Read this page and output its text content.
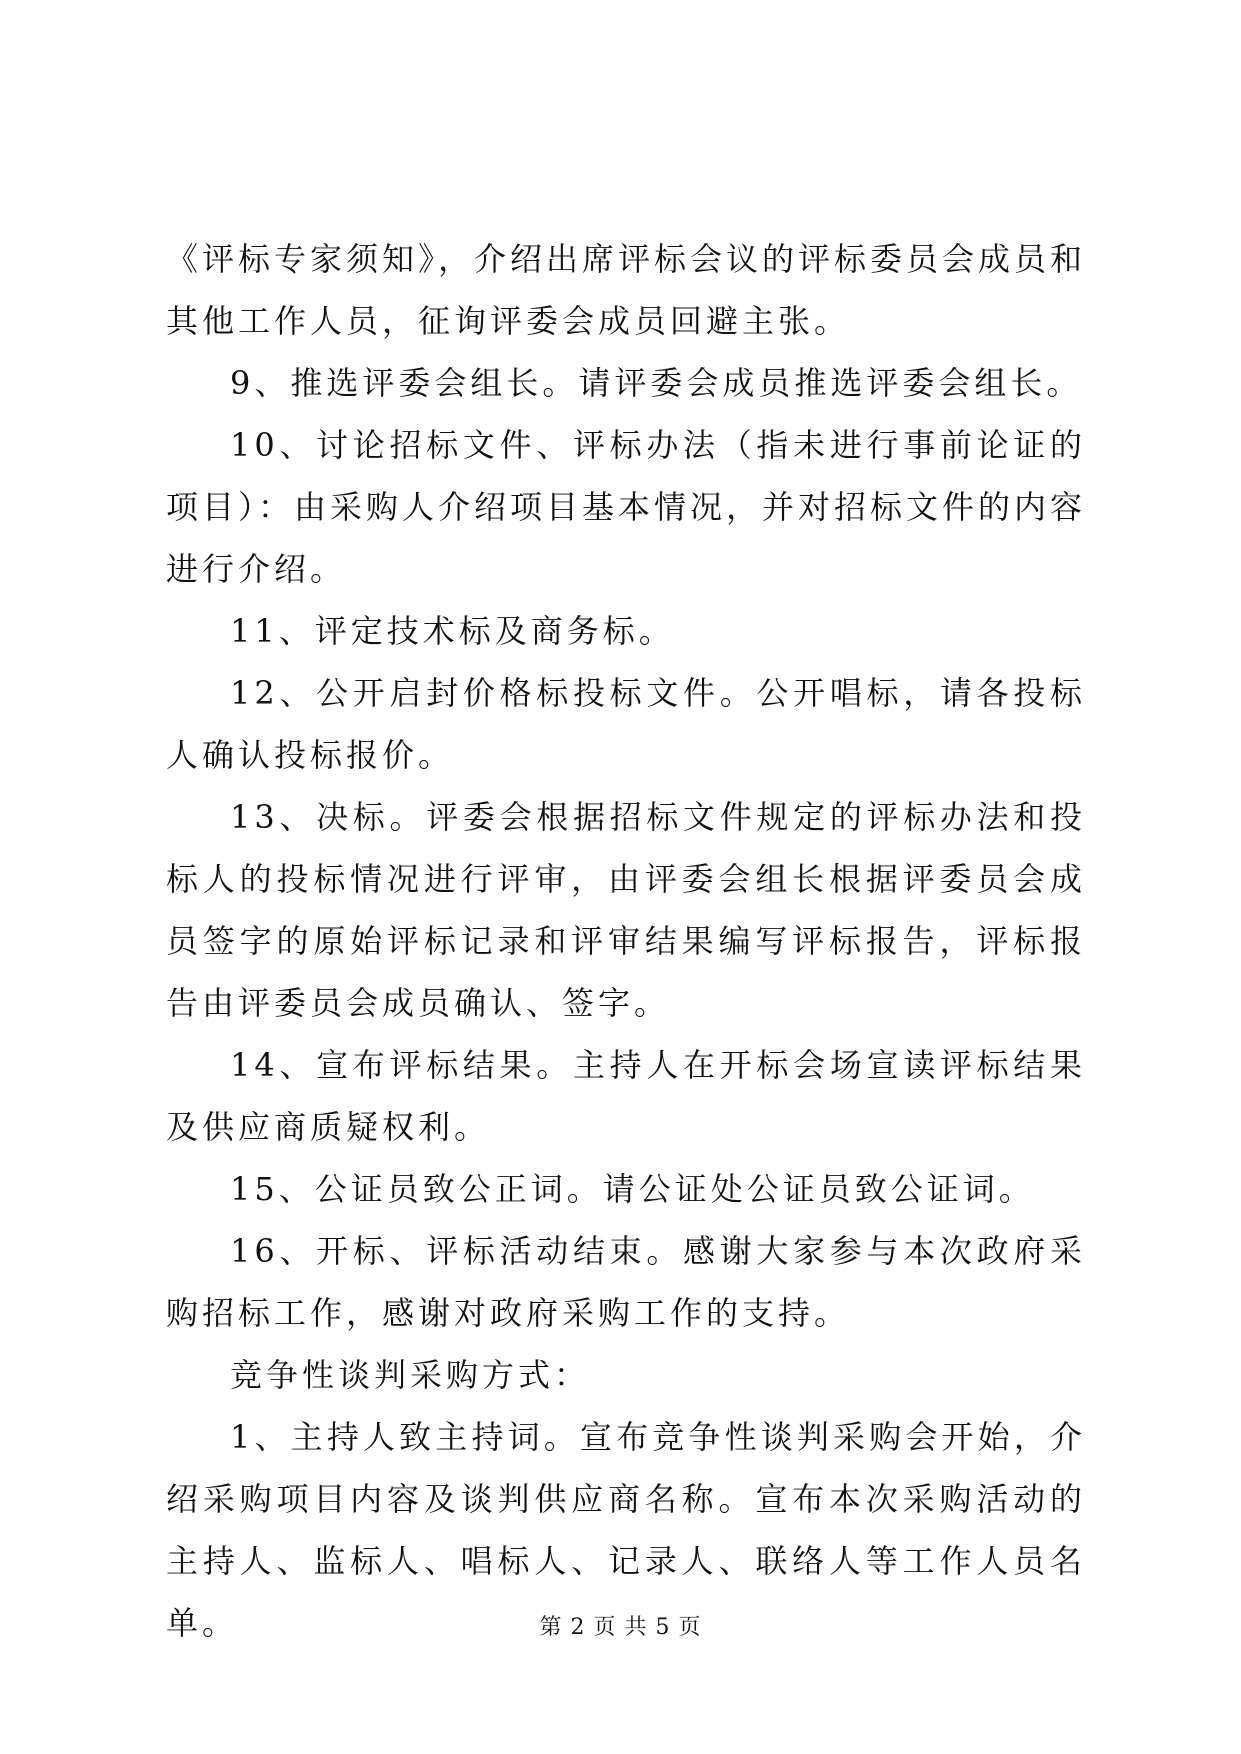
《评标专家须知》，介绍出席评标会议的评标委员会成员和其他工作人员，征询评委会成员回避主张。

9、推选评委会组长。请评委会成员推选评委会组长。

10、讨论招标文件、评标办法（指未进行事前论证的项目）：由采购人介绍项目基本情况，并对招标文件的内容进行介绍。

11、评定技术标及商务标。

12、公开启封价格标投标文件。公开唱标，请各投标人确认投标报价。

13、决标。评委会根据招标文件规定的评标办法和投标人的投标情况进行评审，由评委会组长根据评委员会成员签字的原始评标记录和评审结果编写评标报告，评标报告由评委员会成员确认、签字。

14、宣布评标结果。主持人在开标会场宣读评标结果及供应商质疑权利。

15、公证员致公正词。请公证处公证员致公证词。

16、开标、评标活动结束。感谢大家参与本次政府采购招标工作，感谢对政府采购工作的支持。

竞争性谈判采购方式：

1、主持人致主持词。宣布竞争性谈判采购会开始，介绍采购项目内容及谈判供应商名称。宣布本次采购活动的主持人、监标人、唱标人、记录人、联络人等工作人员名单。	第 2 页 共 5 页
